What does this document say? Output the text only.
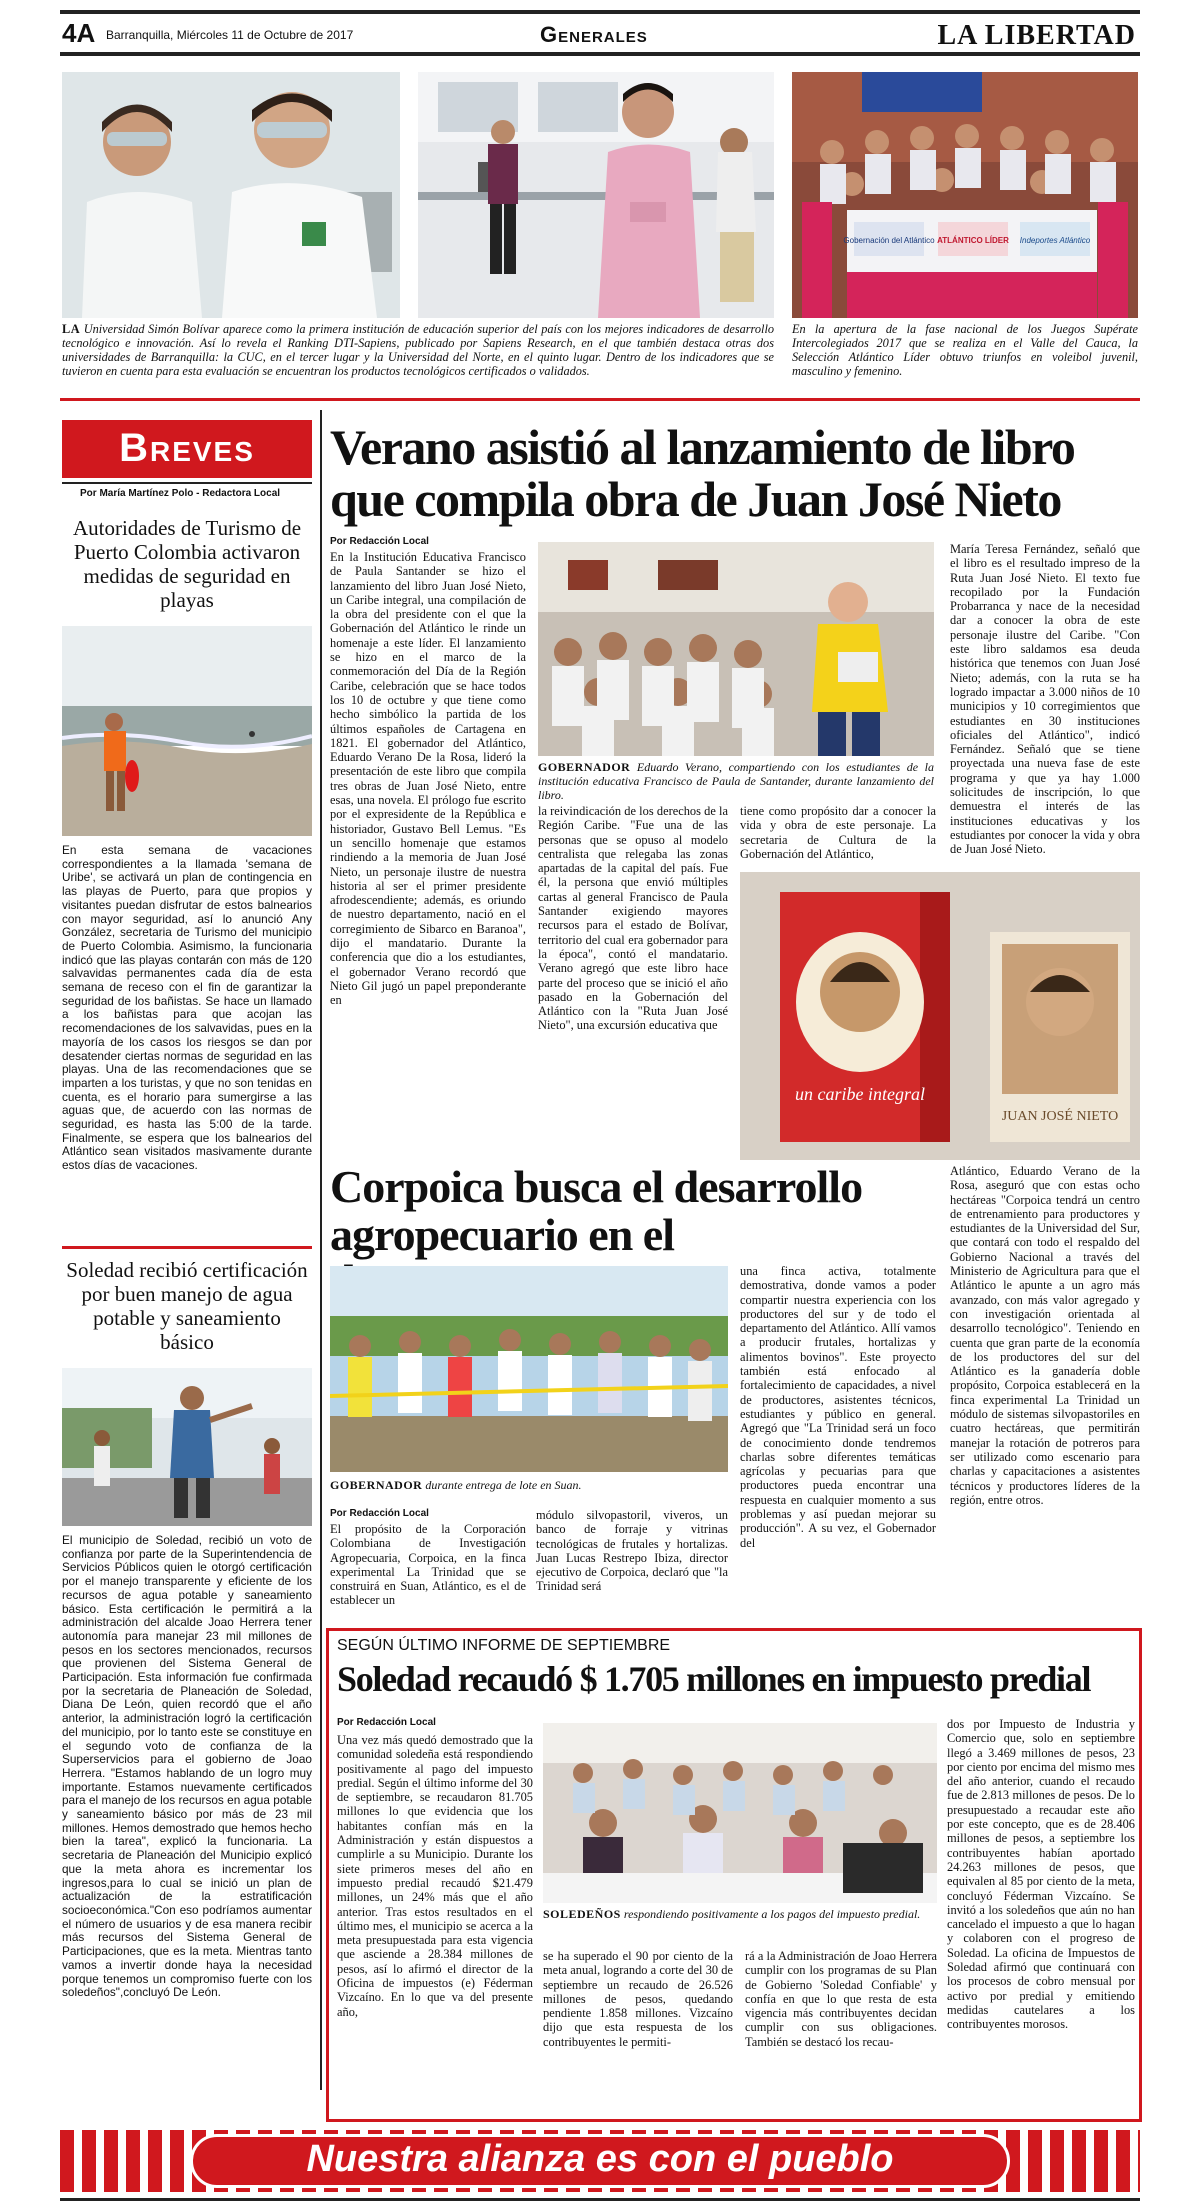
4A Barranquilla, Miércoles 11 de Octubre de 2017	Generales	LA LIBERTAD
Gobernación del Atlántico ATLÁNTICO LÍDER Indeportes Atlántico

LA Universidad Simón Bolívar aparece como la primera institución de educación superior del país con los mejores indicadores de desarrollo tecnológico e innovación. Así lo revela el Ranking DTI-Sapiens, publicado por Sapiens Research, en el que también destaca otras dos universidades de Barranquilla: la CUC, en el tercer lugar y la Universidad del Norte, en el quinto lugar. Dentro de los indicadores que se tuvieron en cuenta para esta evaluación se encuentran los productos tecnológicos certificados o validados.

En la apertura de la fase nacional de los Juegos Supérate Intercolegiados 2017 que se realiza en el Valle del Cauca, la Selección Atlántico Líder obtuvo triunfos en voleibol juvenil, masculino y femenino.

Breves
Por María Martínez Polo - Redactora Local
Autoridades de Turismo de Puerto Colombia activaron medidas de seguridad en playas

En esta semana de vacaciones correspondientes a la llamada 'semana de Uribe', se activará un plan de contingencia en las playas de Puerto, para que propios y visitantes puedan disfrutar de estos balnearios con mayor seguridad, así lo anunció Any González, secretaria de Turismo del municipio de Puerto Colombia. Asimismo, la funcionaria indicó que las playas contarán con más de 120 salvavidas permanentes cada día de esta semana de receso con el fin de garantizar la seguridad de los bañistas. Se hace un llamado a los bañistas para que acojan las recomendaciones de los salvavidas, pues en la mayoría de los casos los riesgos se dan por desatender ciertas normas de seguridad en las playas. Una de las recomendaciones que se imparten a los turistas, y que no son tenidas en cuenta, es el horario para sumergirse a las aguas que, de acuerdo con las normas de seguridad, es hasta las 5:00 de la tarde. Finalmente, se espera que los balnearios del Atlántico sean visitados masivamente durante estos días de vacaciones.

Soledad recibió certificación por buen manejo de agua potable y saneamiento básico

El municipio de Soledad, recibió un voto de confianza por parte de la Superintendencia de Servicios Públicos quien le otorgó certificación por el manejo transparente y eficiente de los recursos de agua potable y saneamiento básico. Esta certificación le permitirá a la administración del alcalde Joao Herrera tener autonomía para manejar 23 mil millones de pesos en los sectores mencionados, recursos que provienen del Sistema General de Participación. Esta información fue confirmada por la secretaria de Planeación de Soledad, Diana De León, quien recordó que el año anterior, la administración logró la certificación del municipio, por lo tanto este se constituye en el segundo voto de confianza de la Superservicios para el gobierno de Joao Herrera. "Estamos hablando de un logro muy importante. Estamos nuevamente certificados para el manejo de los recursos en agua potable y saneamiento básico por más de 23 mil millones. Hemos demostrado que hemos hecho bien la tarea", explicó la funcionaria. La secretaria de Planeación del Municipio explicó que la meta ahora es incrementar los ingresos,para lo cual se inició un plan de actualización de la estratificación socioeconómica."Con eso podríamos aumentar el número de usuarios y de esa manera recibir más recursos del Sistema General de Participaciones, que es la meta. Mientras tanto vamos a invertir donde haya la necesidad porque tenemos un compromiso fuerte con los soledeños",concluyó De León.

Verano asistió al lanzamiento de libro
que compila obra de Juan José Nieto
Por Redacción Local

En la Institución Educativa Francisco de Paula Santander se hizo el lanzamiento del libro Juan José Nieto, un Caribe integral, una compilación de la obra del presidente con el que la Gobernación del Atlántico le rinde un homenaje a este líder. El lanzamiento se hizo en el marco de la conmemoración del Día de la Región Caribe, celebración que se hace todos los 10 de octubre y que tiene como hecho simbólico la partida de los últimos españoles de Cartagena en 1821. El gobernador del Atlántico, Eduardo Verano De la Rosa, lideró la presentación de este libro que compila tres obras de Juan José Nieto, entre esas, una novela. El prólogo fue escrito por el expresidente de la República e historiador, Gustavo Bell Lemus. "Es un sencillo homenaje que estamos rindiendo a la memoria de Juan José Nieto, un personaje ilustre de nuestra historia al ser el primer presidente afrodescendiente; además, es oriundo de nuestro departamento, nació en el corregimiento de Sibarco en Baranoa", dijo el mandatario. Durante la conferencia que dio a los estudiantes, el gobernador Verano recordó que Nieto Gil jugó un papel preponderante en

GOBERNADOR Eduardo Verano, compartiendo con los estudiantes de la institución educativa Francisco de Paula de Santander, durante lanzamiento del libro.

la reivindicación de los derechos de la Región Caribe. "Fue una de las personas que se opuso al modelo centralista que relegaba las zonas apartadas de la capital del país. Fue él, la persona que envió múltiples cartas al general Francisco de Paula Santander exigiendo mayores recursos para el estado de Bolívar, territorio del cual era gobernador para la época", contó el mandatario. Verano agregó que este libro hace parte del proceso que se inició el año pasado en la Gobernación del Atlántico con la "Ruta Juan José Nieto", una excursión educativa que

tiene como propósito dar a conocer la vida y obra de este personaje. La secretaria de Cultura de la Gobernación del Atlántico,

un caribe integral
JUAN JOSÉ NIETO

María Teresa Fernández, señaló que el libro es el resultado impreso de la Ruta Juan José Nieto. El texto fue recopilado por la Fundación Probarranca y nace de la necesidad dar a conocer la obra de este personaje ilustre del Caribe. "Con este libro saldamos esa deuda histórica que tenemos con Juan José Nieto; además, con la ruta se ha logrado impactar a 3.000 niños de 10 municipios y 10 corregimientos que estudiantes en 30 instituciones oficiales del Atlántico", indicó Fernández. Señaló que se tiene proyectada una nueva fase de este programa y que ya hay 1.000 solicitudes de inscripción, lo que demuestra el interés de las instituciones educativas y los estudiantes por conocer la vida y obra de Juan José Nieto.

Corpoica busca el desarrollo
agropecuario en el

GOBERNADOR durante entrega de lote en Suan.

Por Redacción Local

El propósito de la Corporación Colombiana de Investigación Agropecuaria, Corpoica, en la finca experimental La Trinidad que se construirá en Suan, Atlántico, es el de establecer un

módulo silvopastoril, viveros, un banco de forraje y vitrinas tecnológicas de frutales y hortalizas. Juan Lucas Restrepo Ibiza, director ejecutivo de Corpoica, declaró que "la Trinidad será

una finca activa, totalmente demostrativa, donde vamos a poder compartir nuestra experiencia con los productores del sur y de todo el departamento del Atlántico. Allí vamos a producir frutales, hortalizas y alimentos bovinos". Este proyecto también está enfocado al fortalecimiento de capacidades, a nivel de productores, asistentes técnicos, estudiantes y público en general. Agregó que "La Trinidad será un foco de conocimiento donde tendremos charlas sobre diferentes temáticas agrícolas y pecuarias para que productores pueda encontrar una respuesta en cualquier momento a sus problemas y así puedan mejorar su producción". A su vez, el Gobernador del

Atlántico, Eduardo Verano de la Rosa, aseguró que con estas ocho hectáreas "Corpoica tendrá un centro de entrenamiento para productores y estudiantes de la Universidad del Sur, que contará con todo el respaldo del Gobierno Nacional a través del Ministerio de Agricultura para que el Atlántico le apunte a un agro más avanzado, con más valor agregado y con investigación orientada al desarrollo tecnológico". Teniendo en cuenta que gran parte de la economía de los productores del sur del Atlántico es la ganadería doble propósito, Corpoica establecerá en la finca experimental La Trinidad un módulo de sistemas silvopastoriles en cuatro hectáreas, que permitirán manejar la rotación de potreros para ser utilizado como escenario para charlas y capacitaciones a asistentes técnicos y productores líderes de la región, entre otros.

SEGÚN ÚLTIMO INFORME DE SEPTIEMBRE
Soledad recaudó $ 1.705 millones en impuesto predial
Por Redacción Local

Una vez más quedó demostrado que la comunidad soledeña está respondiendo positivamente al pago del impuesto predial. Según el último informe del 30 de septiembre, se recaudaron 81.705 millones lo que evidencia que los habitantes confían más en la Administración y están dispuestos a cumplirle a su Municipio. Durante los siete primeros meses del año en impuesto predial recaudó $21.479 millones, un 24% más que el año anterior. Tras estos resultados en el último mes, el municipio se acerca a la meta presupuestada para esta vigencia que asciende a 28.384 millones de pesos, así lo afirmó el director de la Oficina de impuestos (e) Féderman Vizcaíno. En lo que va del presente año,

SOLEDEÑOS respondiendo positivamente a los pagos del impuesto predial.

se ha superado el 90 por ciento de la meta anual, logrando a corte del 30 de septiembre un recaudo de 26.526 millones de pesos, quedando pendiente 1.858 millones. Vizcaíno dijo que esta respuesta de los contribuyentes le permiti-

rá a la Administración de Joao Herrera cumplir con los programas de su Plan de Gobierno 'Soledad Confiable' y confía en que lo que resta de esta vigencia más contribuyentes decidan cumplir con sus obligaciones. También se destacó los recau-

dos por Impuesto de Industria y Comercio que, solo en septiembre llegó a 3.469 millones de pesos, 23 por ciento por encima del mismo mes del año anterior, cuando el recaudo fue de 2.813 millones de pesos. De lo presupuestado a recaudar este año por este concepto, que es de 28.406 millones de pesos, a septiembre los contribuyentes habían aportado 24.263 millones de pesos, que equivalen al 85 por ciento de la meta, concluyó Féderman Vizcaíno. Se invitó a los soledeños que aún no han cancelado el impuesto a que lo hagan y colaboren con el progreso de Soledad. La oficina de Impuestos de Soledad afirmó que continuará con los procesos de cobro mensual por activo por predial y emitiendo medidas cautelares a los contribuyentes morosos.

Nuestra alianza es con el pueblo
